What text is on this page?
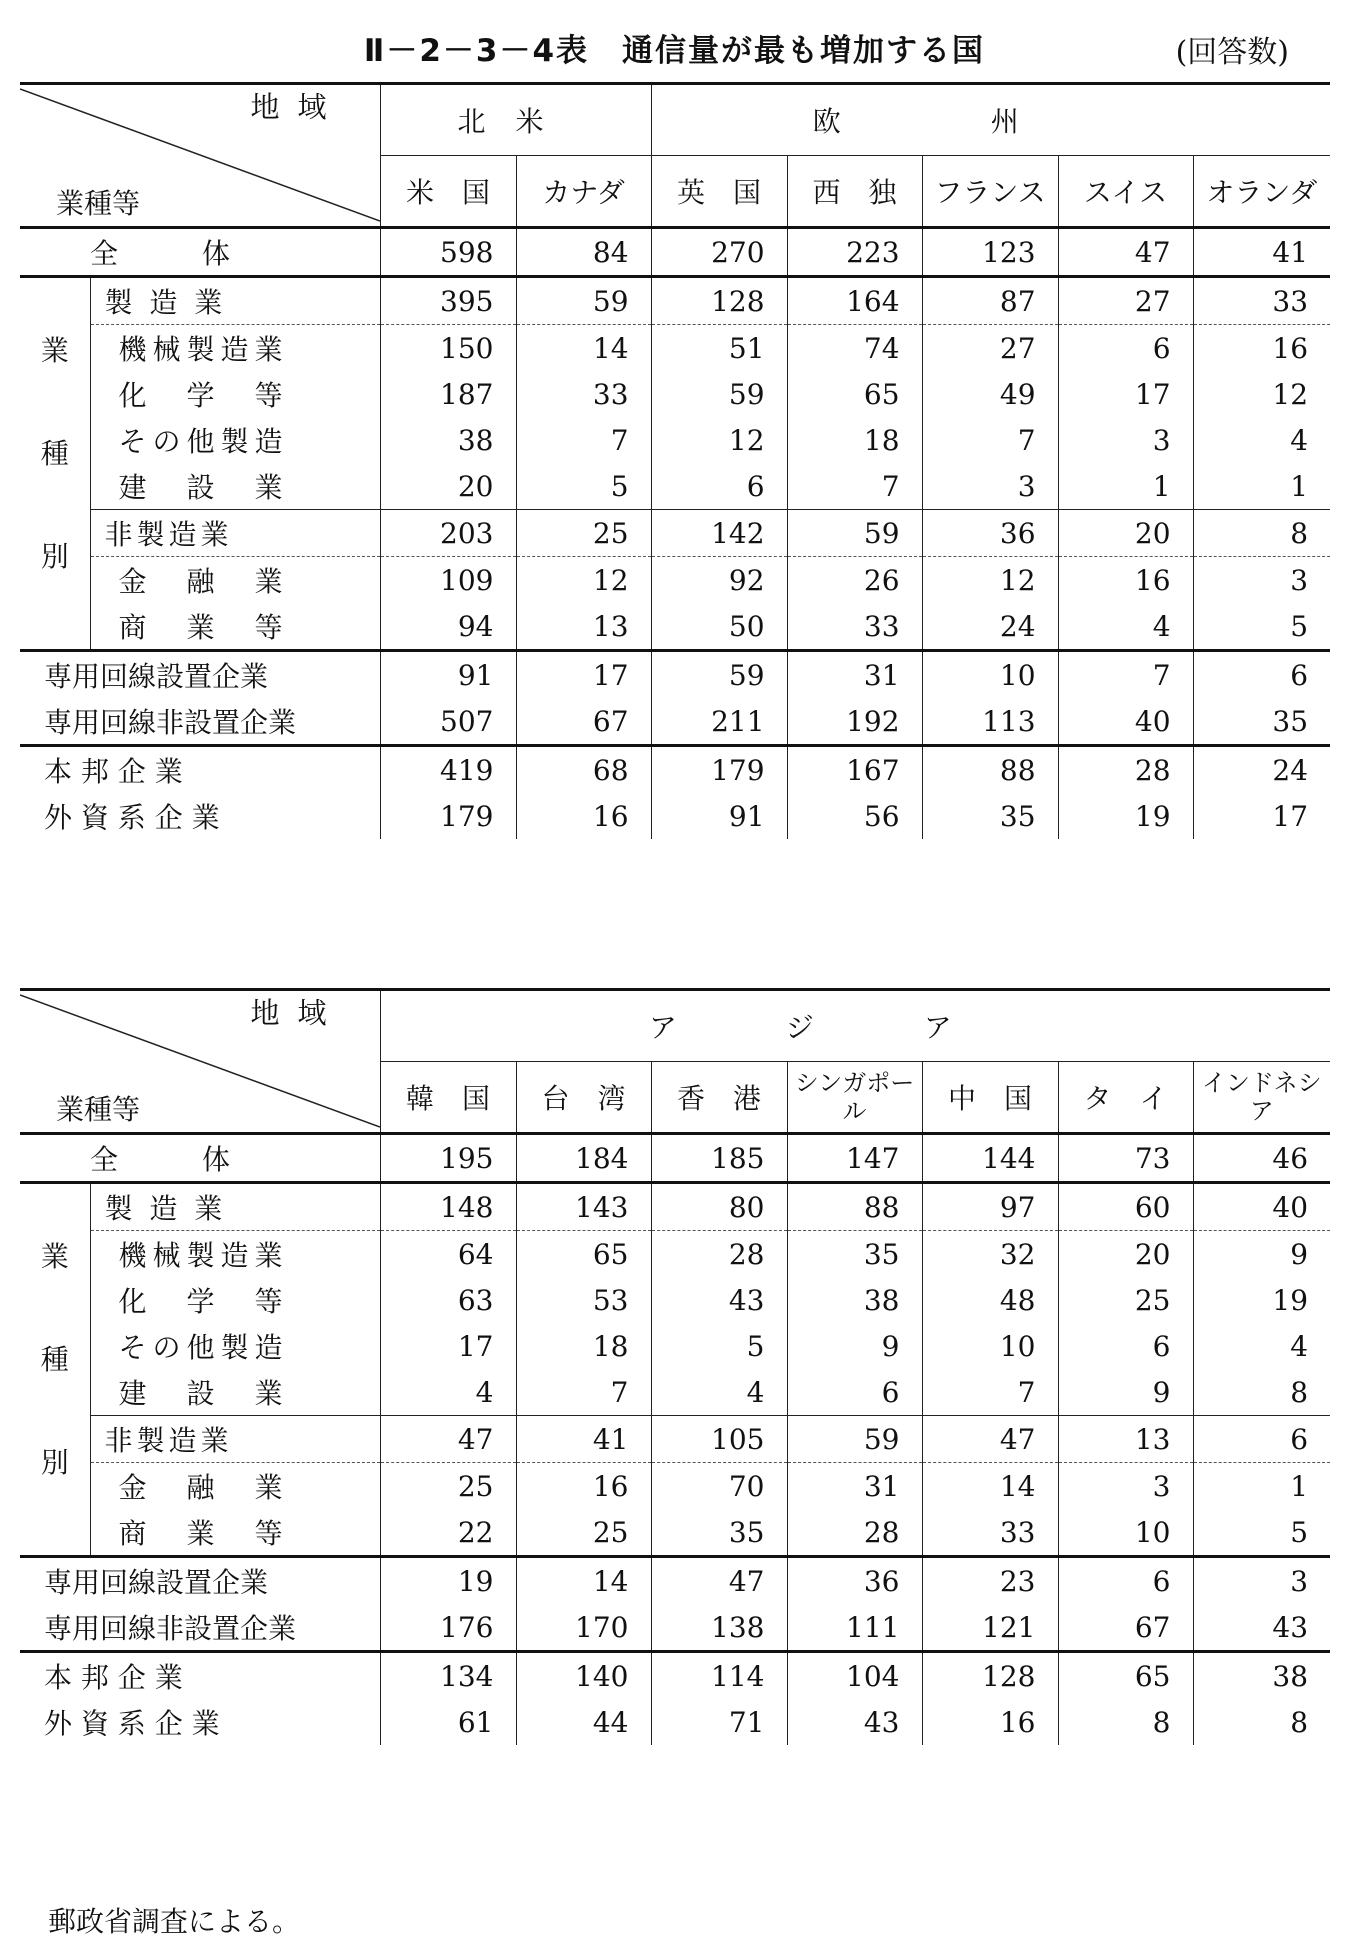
Ⅱ－2－3－4表　通信量が最も増加する国	(回答数)
地域
業種等		北米		欧州				
		米　国	カナダ	英　国	西　独	フランス	スイス	オランダ
全　　　体		598	84	270	223	123	47	41

業
種
別	製 造 業	395	59	128	164	87	27	33
	機械製造業	150	14	51	74	27	6	16
	化　学　等	187	33	59	65	49	17	12
	その他製造	38	7	12	18	7	3	4
	建　設　業	20	5	6	7	3	1	1
	非製造業	203	25	142	59	36	20	8
	金　融　業	109	12	92	26	12	16	3
	商　業　等	94	13	50	33	24	4	5
専用回線設置企業		91	17	59	31	10	7	6
専用回線非設置企業		507	67	211	192	113	40	35
本 邦 企 業		419	68	179	167	88	28	24
外 資 系 企 業		179	16	91	56	35	19	17
地域
業種等		アジア						
		韓　国	台　湾	香　港	シンガポール	中　国	タ　イ	インドネシア
全　　　体		195	184	185	147	144	73	46

業
種
別	製 造 業	148	143	80	88	97	60	40
	機械製造業	64	65	28	35	32	20	9
	化　学　等	63	53	43	38	48	25	19
	その他製造	17	18	5	9	10	6	4
	建　設　業	4	7	4	6	7	9	8
	非製造業	47	41	105	59	47	13	6
	金　融　業	25	16	70	31	14	3	1
	商　業　等	22	25	35	28	33	10	5
専用回線設置企業		19	14	47	36	23	6	3
専用回線非設置企業		176	170	138	111	121	67	43
本 邦 企 業		134	140	114	104	128	65	38
外 資 系 企 業		61	44	71	43	16	8	8
郵政省調査による。
